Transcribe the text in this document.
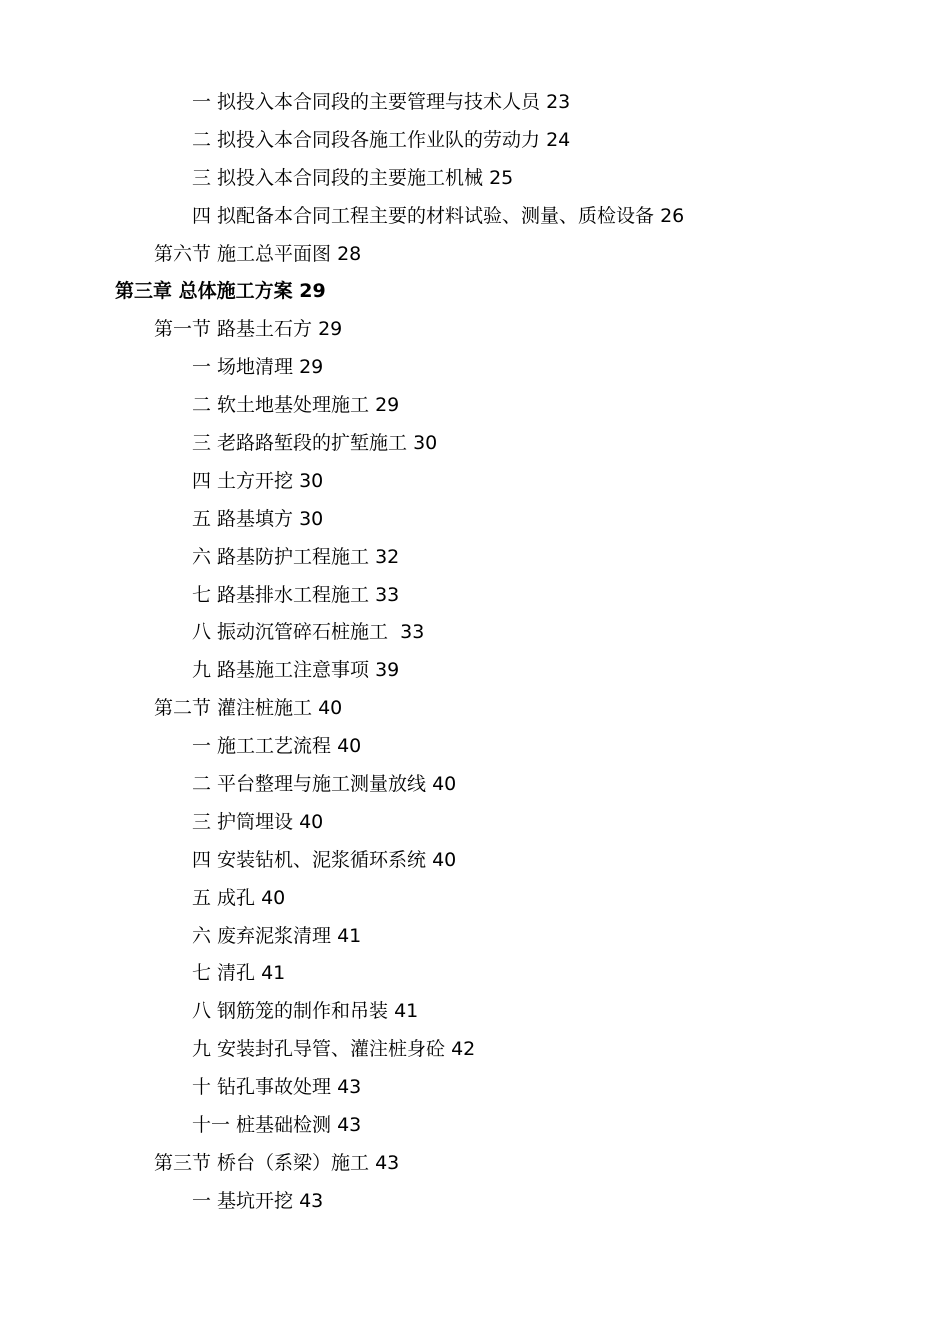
一 拟投入本合同段的主要管理与技术人员 23
二 拟投入本合同段各施工作业队的劳动力 24
三 拟投入本合同段的主要施工机械 25
四 拟配备本合同工程主要的材料试验、测量、质检设备 26
第六节 施工总平面图 28
第三章 总体施工方案 29
第一节 路基土石方 29
一 场地清理 29
二 软土地基处理施工 29
三 老路路堑段的扩堑施工 30
四 土方开挖 30
五 路基填方 30
六 路基防护工程施工 32
七 路基排水工程施工 33
八 振动沉管碎石桩施工  33
九 路基施工注意事项 39
第二节 灌注桩施工 40
一 施工工艺流程 40
二 平台整理与施工测量放线 40
三 护筒埋设 40
四 安装钻机、泥浆循环系统 40
五 成孔 40
六 废弃泥浆清理 41
七 清孔 41
八 钢筋笼的制作和吊装 41
九 安装封孔导管、灌注桩身砼 42
十 钻孔事故处理 43
十一 桩基础检测 43
第三节 桥台（系梁）施工 43
一 基坑开挖 43
